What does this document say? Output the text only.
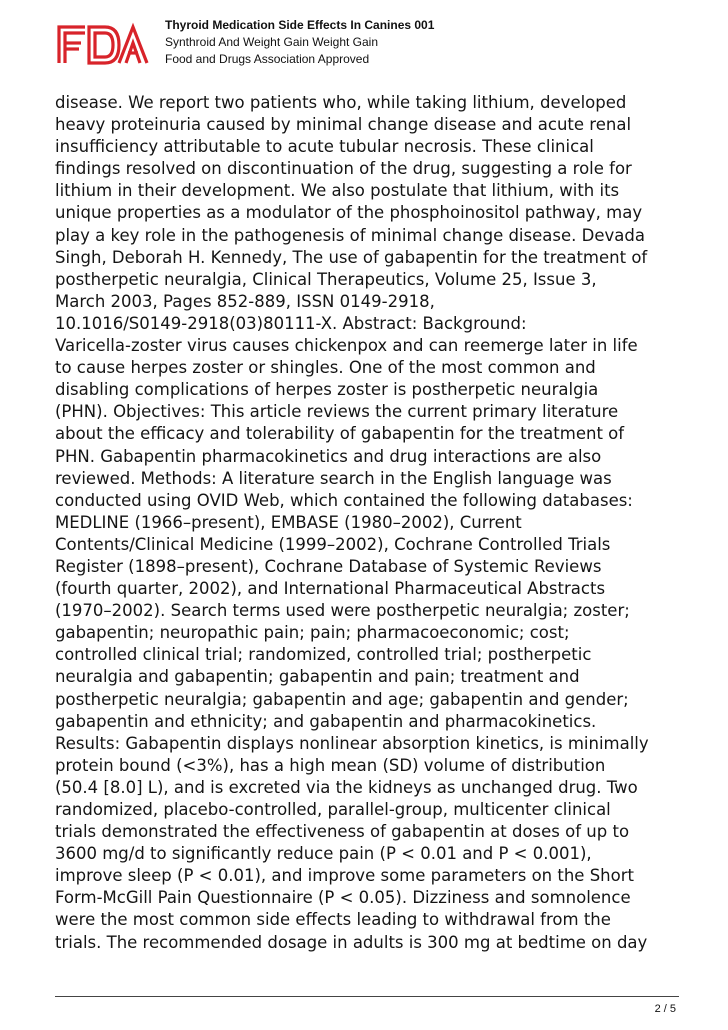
Thyroid Medication Side Effects In Canines 001
Synthroid And Weight Gain Weight Gain
Food and Drugs Association Approved
disease. We report two patients who, while taking lithium, developed
heavy proteinuria caused by minimal change disease and acute renal
insufficiency attributable to acute tubular necrosis. These clinical
findings resolved on discontinuation of the drug, suggesting a role for
lithium in their development. We also postulate that lithium, with its
unique properties as a modulator of the phosphoinositol pathway, may
play a key role in the pathogenesis of minimal change disease. Devada
Singh, Deborah H. Kennedy, The use of gabapentin for the treatment of
postherpetic neuralgia, Clinical Therapeutics, Volume 25, Issue 3,
March 2003, Pages 852-889, ISSN 0149-2918,
10.1016/S0149-2918(03)80111-X. Abstract: Background:
Varicella-zoster virus causes chickenpox and can reemerge later in life
to cause herpes zoster or shingles. One of the most common and
disabling complications of herpes zoster is postherpetic neuralgia
(PHN). Objectives: This article reviews the current primary literature
about the efficacy and tolerability of gabapentin for the treatment of
PHN. Gabapentin pharmacokinetics and drug interactions are also
reviewed. Methods: A literature search in the English language was
conducted using OVID Web, which contained the following databases:
MEDLINE (1966–present), EMBASE (1980–2002), Current
Contents/Clinical Medicine (1999–2002), Cochrane Controlled Trials
Register (1898–present), Cochrane Database of Systemic Reviews
(fourth quarter, 2002), and International Pharmaceutical Abstracts
(1970–2002). Search terms used were postherpetic neuralgia; zoster;
gabapentin; neuropathic pain; pain; pharmacoeconomic; cost;
controlled clinical trial; randomized, controlled trial; postherpetic
neuralgia and gabapentin; gabapentin and pain; treatment and
postherpetic neuralgia; gabapentin and age; gabapentin and gender;
gabapentin and ethnicity; and gabapentin and pharmacokinetics.
Results: Gabapentin displays nonlinear absorption kinetics, is minimally
protein bound (<3%), has a high mean (SD) volume of distribution
(50.4 [8.0] L), and is excreted via the kidneys as unchanged drug. Two
randomized, placebo-controlled, parallel-group, multicenter clinical
trials demonstrated the effectiveness of gabapentin at doses of up to
3600 mg/d to significantly reduce pain (P < 0.01 and P < 0.001),
improve sleep (P < 0.01), and improve some parameters on the Short
Form-McGill Pain Questionnaire (P < 0.05). Dizziness and somnolence
were the most common side effects leading to withdrawal from the
trials. The recommended dosage in adults is 300 mg at bedtime on day
2 / 5
